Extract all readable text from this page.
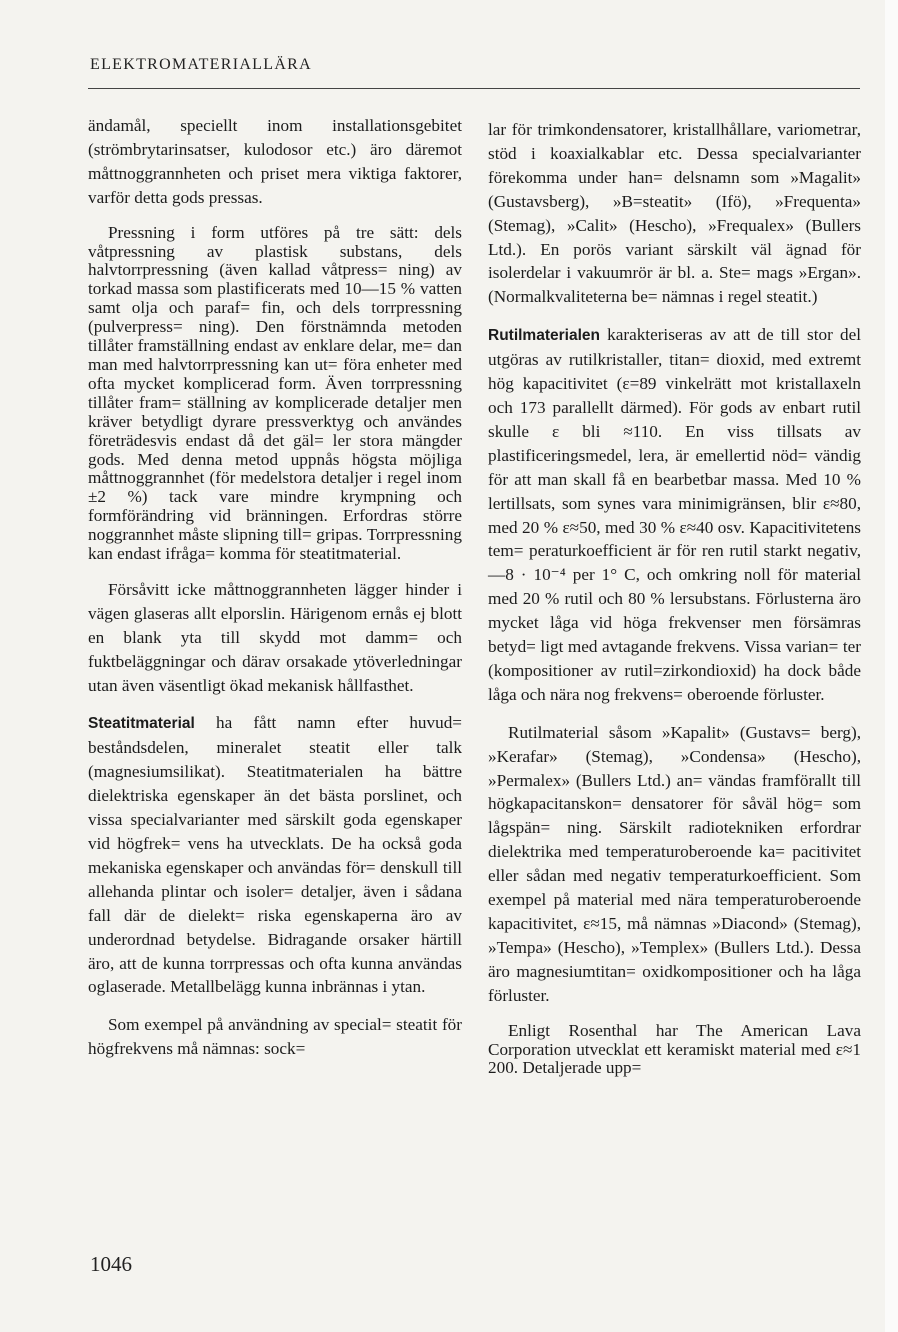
ELEKTROMATERIALLÄRA

ändamål, speciellt inom installationsgebitet (strömbrytarinsatser, kulodosor etc.) äro däremot måttnoggrannheten och priset mera viktiga faktorer, varför detta gods pressas.

Pressning i form utföres på tre sätt: dels våtpressning av plastisk substans, dels halvtorrpressning (även kallad våtpress= ning) av torkad massa som plastificerats med 10—15 % vatten samt olja och paraf= fin, och dels torrpressning (pulverpress= ning). Den förstnämnda metoden tillåter framställning endast av enklare delar, me= dan man med halvtorrpressning kan ut= föra enheter med ofta mycket komplicerad form. Även torrpressning tillåter fram= ställning av komplicerade detaljer men kräver betydligt dyrare pressverktyg och användes företrädesvis endast då det gäl= ler stora mängder gods. Med denna metod uppnås högsta möjliga måttnoggrannhet (för medelstora detaljer i regel inom ±2 %) tack vare mindre krympning och formförändring vid bränningen. Erfordras större noggrannhet måste slipning till= gripas. Torrpressning kan endast ifråga= komma för steatitmaterial.

Försåvitt icke måttnoggrannheten lägger hinder i vägen glaseras allt elporslin. Härigenom ernås ej blott en blank yta till skydd mot damm= och fuktbeläggningar och därav orsakade ytöverledningar utan även väsentligt ökad mekanisk hållfasthet.

Steatitmaterial ha fått namn efter huvud= beståndsdelen, mineralet steatit eller talk (magnesiumsilikat). Steatitmaterialen ha bättre dielektriska egenskaper än det bästa porslinet, och vissa specialvarianter med särskilt goda egenskaper vid högfrek= vens ha utvecklats. De ha också goda mekaniska egenskaper och användas för= denskull till allehanda plintar och isoler= detaljer, även i sådana fall där de dielekt= riska egenskaperna äro av underordnad betydelse. Bidragande orsaker härtill äro, att de kunna torrpressas och ofta kunna användas oglaserade. Metallbelägg kunna inbrännas i ytan.

Som exempel på användning av special= steatit för högfrekvens må nämnas: sock=

lar för trimkondensatorer, kristallhållare, variometrar, stöd i koaxialkablar etc. Dessa specialvarianter förekomma under han= delsnamn som »Magalit» (Gustavsberg), »B=steatit» (Ifö), »Frequenta» (Stemag), »Calit» (Hescho), »Frequalex» (Bullers Ltd.). En porös variant särskilt väl ägnad för isolerdelar i vakuumrör är bl. a. Ste= mags »Ergan». (Normalkvaliteterna be= nämnas i regel steatit.)

Rutilmaterialen karakteriseras av att de till stor del utgöras av rutilkristaller, titan= dioxid, med extremt hög kapacitivitet (ε=89 vinkelrätt mot kristallaxeln och 173 parallellt därmed). För gods av enbart rutil skulle ε bli ≈110. En viss tillsats av plastificeringsmedel, lera, är emellertid nöd= vändig för att man skall få en bearbetbar massa. Med 10 % lertillsats, som synes vara minimigränsen, blir ε≈80, med 20 % ε≈50, med 30 % ε≈40 osv. Kapacitivitetens tem= peraturkoefficient är för ren rutil starkt negativ, —8 · 10⁻⁴ per 1° C, och omkring noll för material med 20 % rutil och 80 % lersubstans. Förlusterna äro mycket låga vid höga frekvenser men försämras betyd= ligt med avtagande frekvens. Vissa varian= ter (kompositioner av rutil=zirkondioxid) ha dock både låga och nära nog frekvens= oberoende förluster.

Rutilmaterial såsom »Kapalit» (Gustavs= berg), »Kerafar» (Stemag), »Condensa» (Hescho), »Permalex» (Bullers Ltd.) an= vändas framförallt till högkapacitanskon= densatorer för såväl hög= som lågspän= ning. Särskilt radiotekniken erfordrar dielektrika med temperaturoberoende ka= pacitivitet eller sådan med negativ temperaturkoefficient. Som exempel på material med nära temperaturoberoende kapacitivitet, ε≈15, må nämnas »Diacond» (Stemag), »Tempa» (Hescho), »Templex» (Bullers Ltd.). Dessa äro magnesiumtitan= oxidkompositioner och ha låga förluster.

Enligt Rosenthal har The American Lava Corporation utvecklat ett keramiskt material med ε≈1 200. Detaljerade upp=

1046
